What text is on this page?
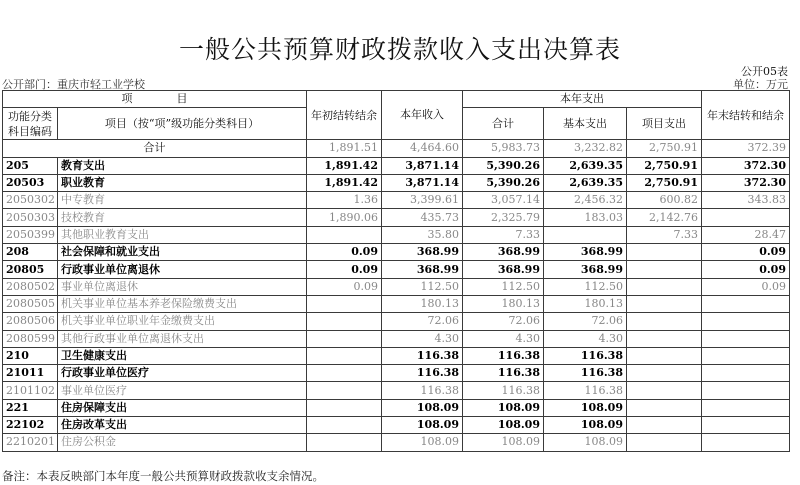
一般公共预算财政拨款收入支出决算表
公开05表
公开部门：重庆市轻工业学校	单位：万元
项　　　　目		年初结转结余	本年收入	本年支出			年末结转和结余
功能分类科目编码	项目（按“项”级功能分类科目）			合计	基本支出	项目支出	
合计		1,891.51	4,464.60	5,983.73	3,232.82	2,750.91	372.39
205	教育支出	1,891.42	3,871.14	5,390.26	2,639.35	2,750.91	372.30
20503	职业教育	1,891.42	3,871.14	5,390.26	2,639.35	2,750.91	372.30
2050302	中专教育	1.36	3,399.61	3,057.14	2,456.32	600.82	343.83
2050303	技校教育	1,890.06	435.73	2,325.79	183.03	2,142.76	
2050399	其他职业教育支出		35.80	7.33		7.33	28.47
208	社会保障和就业支出	0.09	368.99	368.99	368.99		0.09
20805	行政事业单位离退休	0.09	368.99	368.99	368.99		0.09
2080502	事业单位离退休	0.09	112.50	112.50	112.50		0.09
2080505	机关事业单位基本养老保险缴费支出		180.13	180.13	180.13		
2080506	机关事业单位职业年金缴费支出		72.06	72.06	72.06		
2080599	其他行政事业单位离退休支出		4.30	4.30	4.30		
210	卫生健康支出		116.38	116.38	116.38		
21011	行政事业单位医疗		116.38	116.38	116.38		
2101102	事业单位医疗		116.38	116.38	116.38		
221	住房保障支出		108.09	108.09	108.09		
22102	住房改革支出		108.09	108.09	108.09		
2210201	住房公积金		108.09	108.09	108.09		
备注：本表反映部门本年度一般公共预算财政拨款收支余情况。
